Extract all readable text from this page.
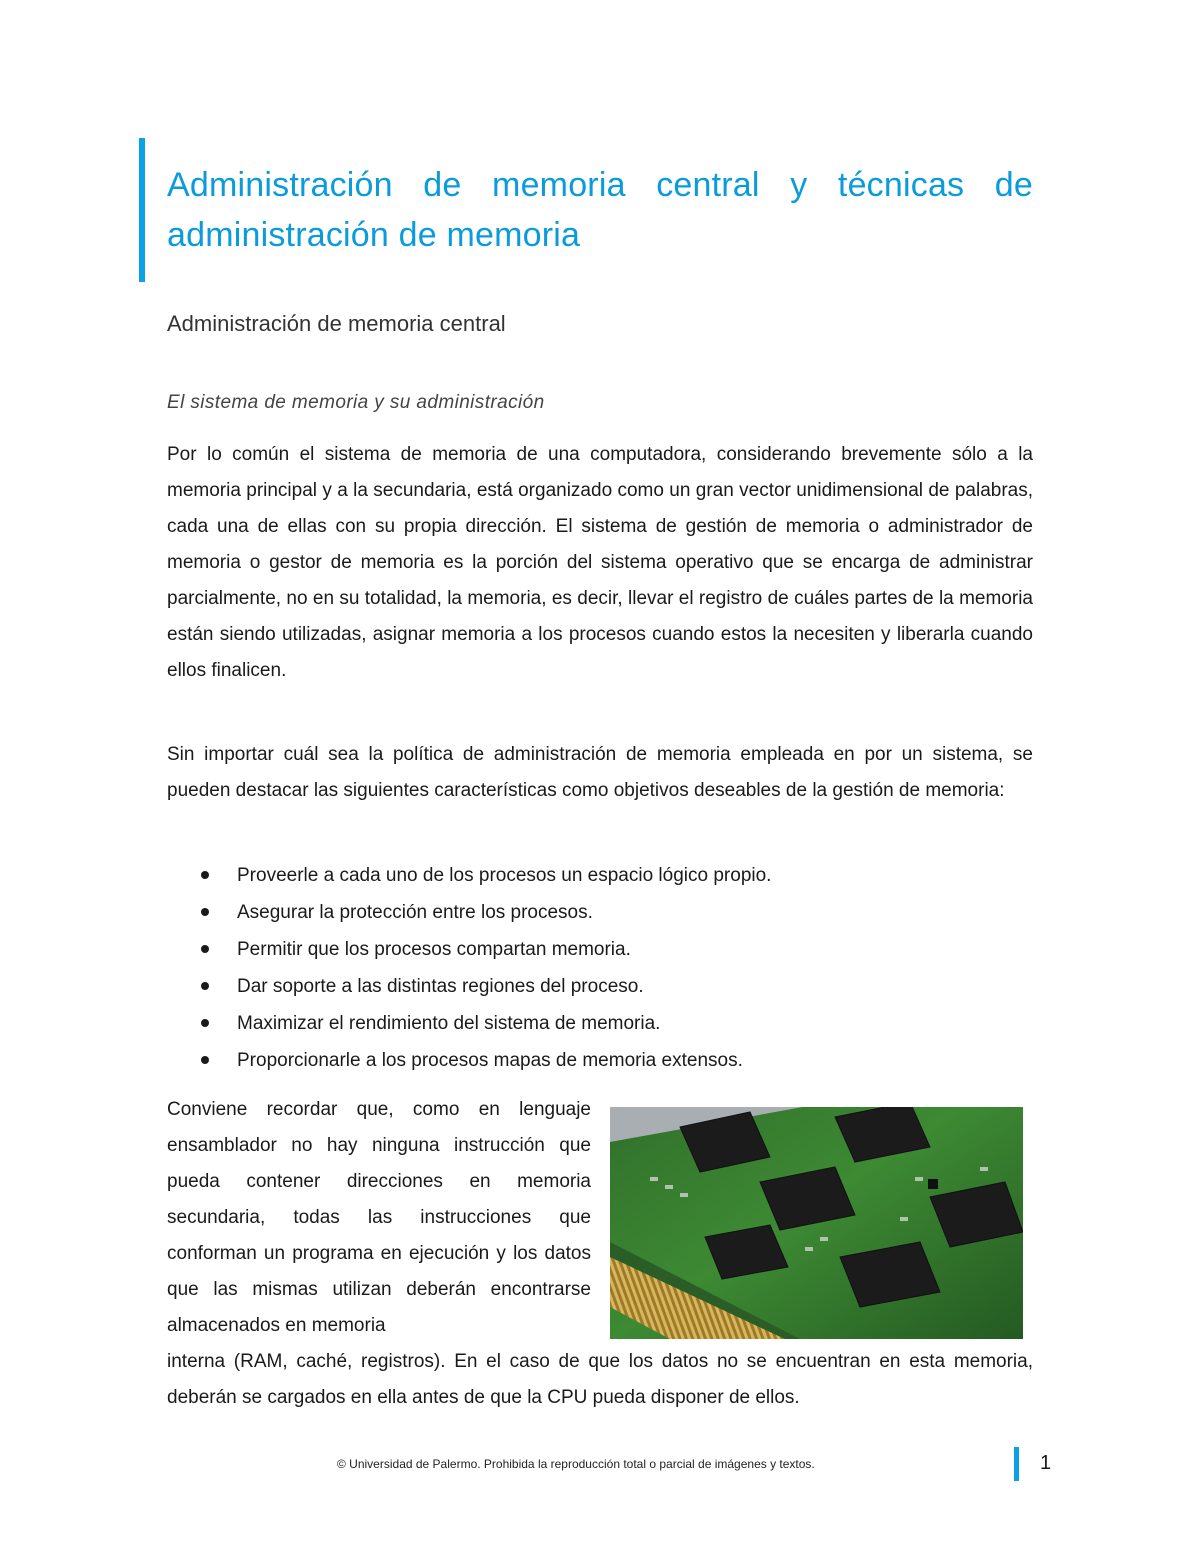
Administración de memoria central y técnicas de administración de memoria
Administración de memoria central
El sistema de memoria y su administración

Por lo común el sistema de memoria de una computadora, considerando brevemente sólo a la memoria principal y a la secundaria, está organizado como un gran vector unidimensional de palabras, cada una de ellas con su propia dirección. El sistema de gestión de memoria o administrador de memoria o gestor de memoria es la porción del sistema operativo que se encarga de administrar parcialmente, no en su totalidad, la memoria, es decir, llevar el registro de cuáles partes de la memoria están siendo utilizadas, asignar memoria a los procesos cuando estos la necesiten y liberarla cuando ellos finalicen.

Sin importar cuál sea la política de administración de memoria empleada en por un sistema, se pueden destacar las siguientes características como objetivos deseables de la gestión de memoria:

Proveerle a cada uno de los procesos un espacio lógico propio.
Asegurar la protección entre los procesos.
Permitir que los procesos compartan memoria.
Dar soporte a las distintas regiones del proceso.
Maximizar el rendimiento del sistema de memoria.
Proporcionarle a los procesos mapas de memoria extensos.

Conviene recordar que, como en lenguaje ensamblador no hay ninguna instrucción que pueda contener direcciones en memoria secundaria, todas las instrucciones que conforman un programa en ejecución y los datos que las mismas utilizan deberán encontrarse almacenados en memoria

interna (RAM, caché, registros). En el caso de que los datos no se encuentran en esta memoria, deberán se cargados en ella antes de que la CPU pueda disponer de ellos.

© Universidad de Palermo. Prohibida la reproducción total o parcial de imágenes y textos.	1
